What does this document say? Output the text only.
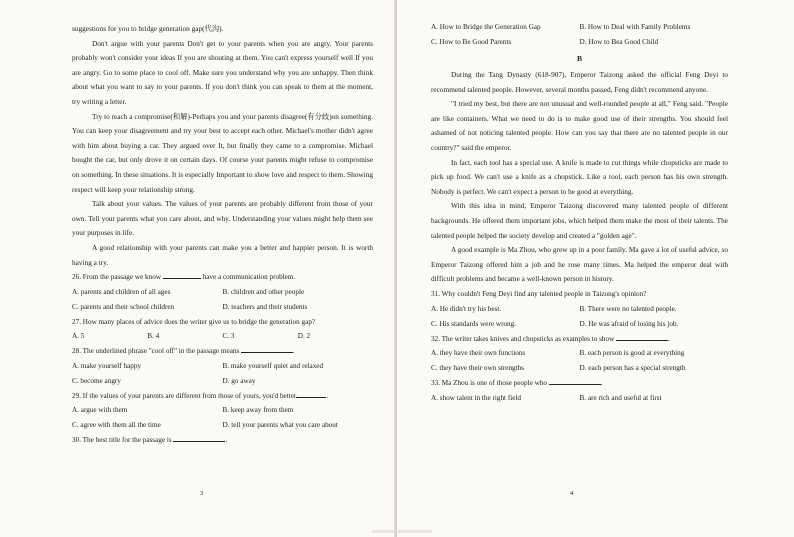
suggestions for you to bridge generation gap(代沟).

Don't argue with your parents Don't get to your parents when you are angry. Your parents probably won't consider your ideas If you are shouting at them. You can't express yourself well If you are angry. Go to some place to cool off. Make sure you understand why you are unhappy. Then think about what you want to say to your parents. If you don't think you can speak to them at the moment, try writing a letter.

Try to reach a compromise(和解)-Perhaps you and your parents disagree(有分歧)on something. You can keep your disagreement and try your best to accept each other. Michael's mother didn't agree with him about buying a car. They argued over It, but finally they came to a compromise. Michael bought the car, but only drove it on certain days. Of course your parents might refuse to compromise on something. In these situations. It is especially Important to show love and respect to them. Showing respect will keep your relationship strong.

Talk about your values. The values of your parents are probably different from those of your own. Tell your parents what you care about, and why. Understanding your values might help them see your purposes in life.

A good relationship with your parents can make you a better and happier person. It is worth having a try.

26. From the passage we know	have a communication problem.

A. parents and children of all ages	B. children and other people
C. parents and their school children	D. teachers and their students

27. How many places of advice does the writer give us to bridge the generation gap?

A. 5	B. 4	C. 3	D. 2

28. The underlined phrase "cool off" in the passage means	.

A. make yourself happy	B. make yourself quiet and relaxed
C. become angry	D. go away

29. If the values of your parents are different from those of yours, you'd better	.

A. argue with them	B. keep away from them
C. agree with them all the time	D. tell your parents what you care about

30. The best title for the passage is	.

A. How to Bridge the Generation Gap	B. How to Deal with Family Problems
C. How to Be Good Parents	D. How to Bea Good Child
B

During the Tang Dynasty (618-907), Emperor Taizong asked the official Feng Deyi to recommend talented people. However, several months passed, Feng didn't recommend anyone.

"I tried my best, but there are not unusual and well-rounded people at all," Feng said. "People are like containers. What we need to do is to make good use of their strengths. You should feel ashamed of not noticing talented people. How can you say that there are no talented people in our country?" said the emperor.

In fact, each tool has a special use. A knife is made to cut things while chopsticks are made to pick up food. We can't use a knife as a chopstick. Like a tool, each person has his own strength. Nobody is perfect. We can't expect a person to be good at everything.

With this idea in mind, Emperor Taizong discovered many talented people of different backgrounds. He offered them important jobs, which helped them make the most of their talents. The talented people helped the society develop and created a "golden age".

A good example is Ma Zhou, who grew up in a poor family. Ma gave a lot of useful advice, so Emperor Taizong offered him a job and he rose many times. Ma helped the emperor deal with difficult problems and became a well-known person in history.

31. Why couldn't Feng Deyi find any talented people in Taizong's opinion?

A. He didn't try his best.	B. There were no talented people.
C. His standards were wrong.	D. He was afraid of losing his job.

32. The writer takes knives and chopsticks as examples to show	.

A. they have their own functions	B. each person is good at everything
C. they have their own strengths	D. each person has a special strength

33. Ma Zhou is one of those people who	.

A. show talent in the right field	B. are rich and useful at first
3	4
